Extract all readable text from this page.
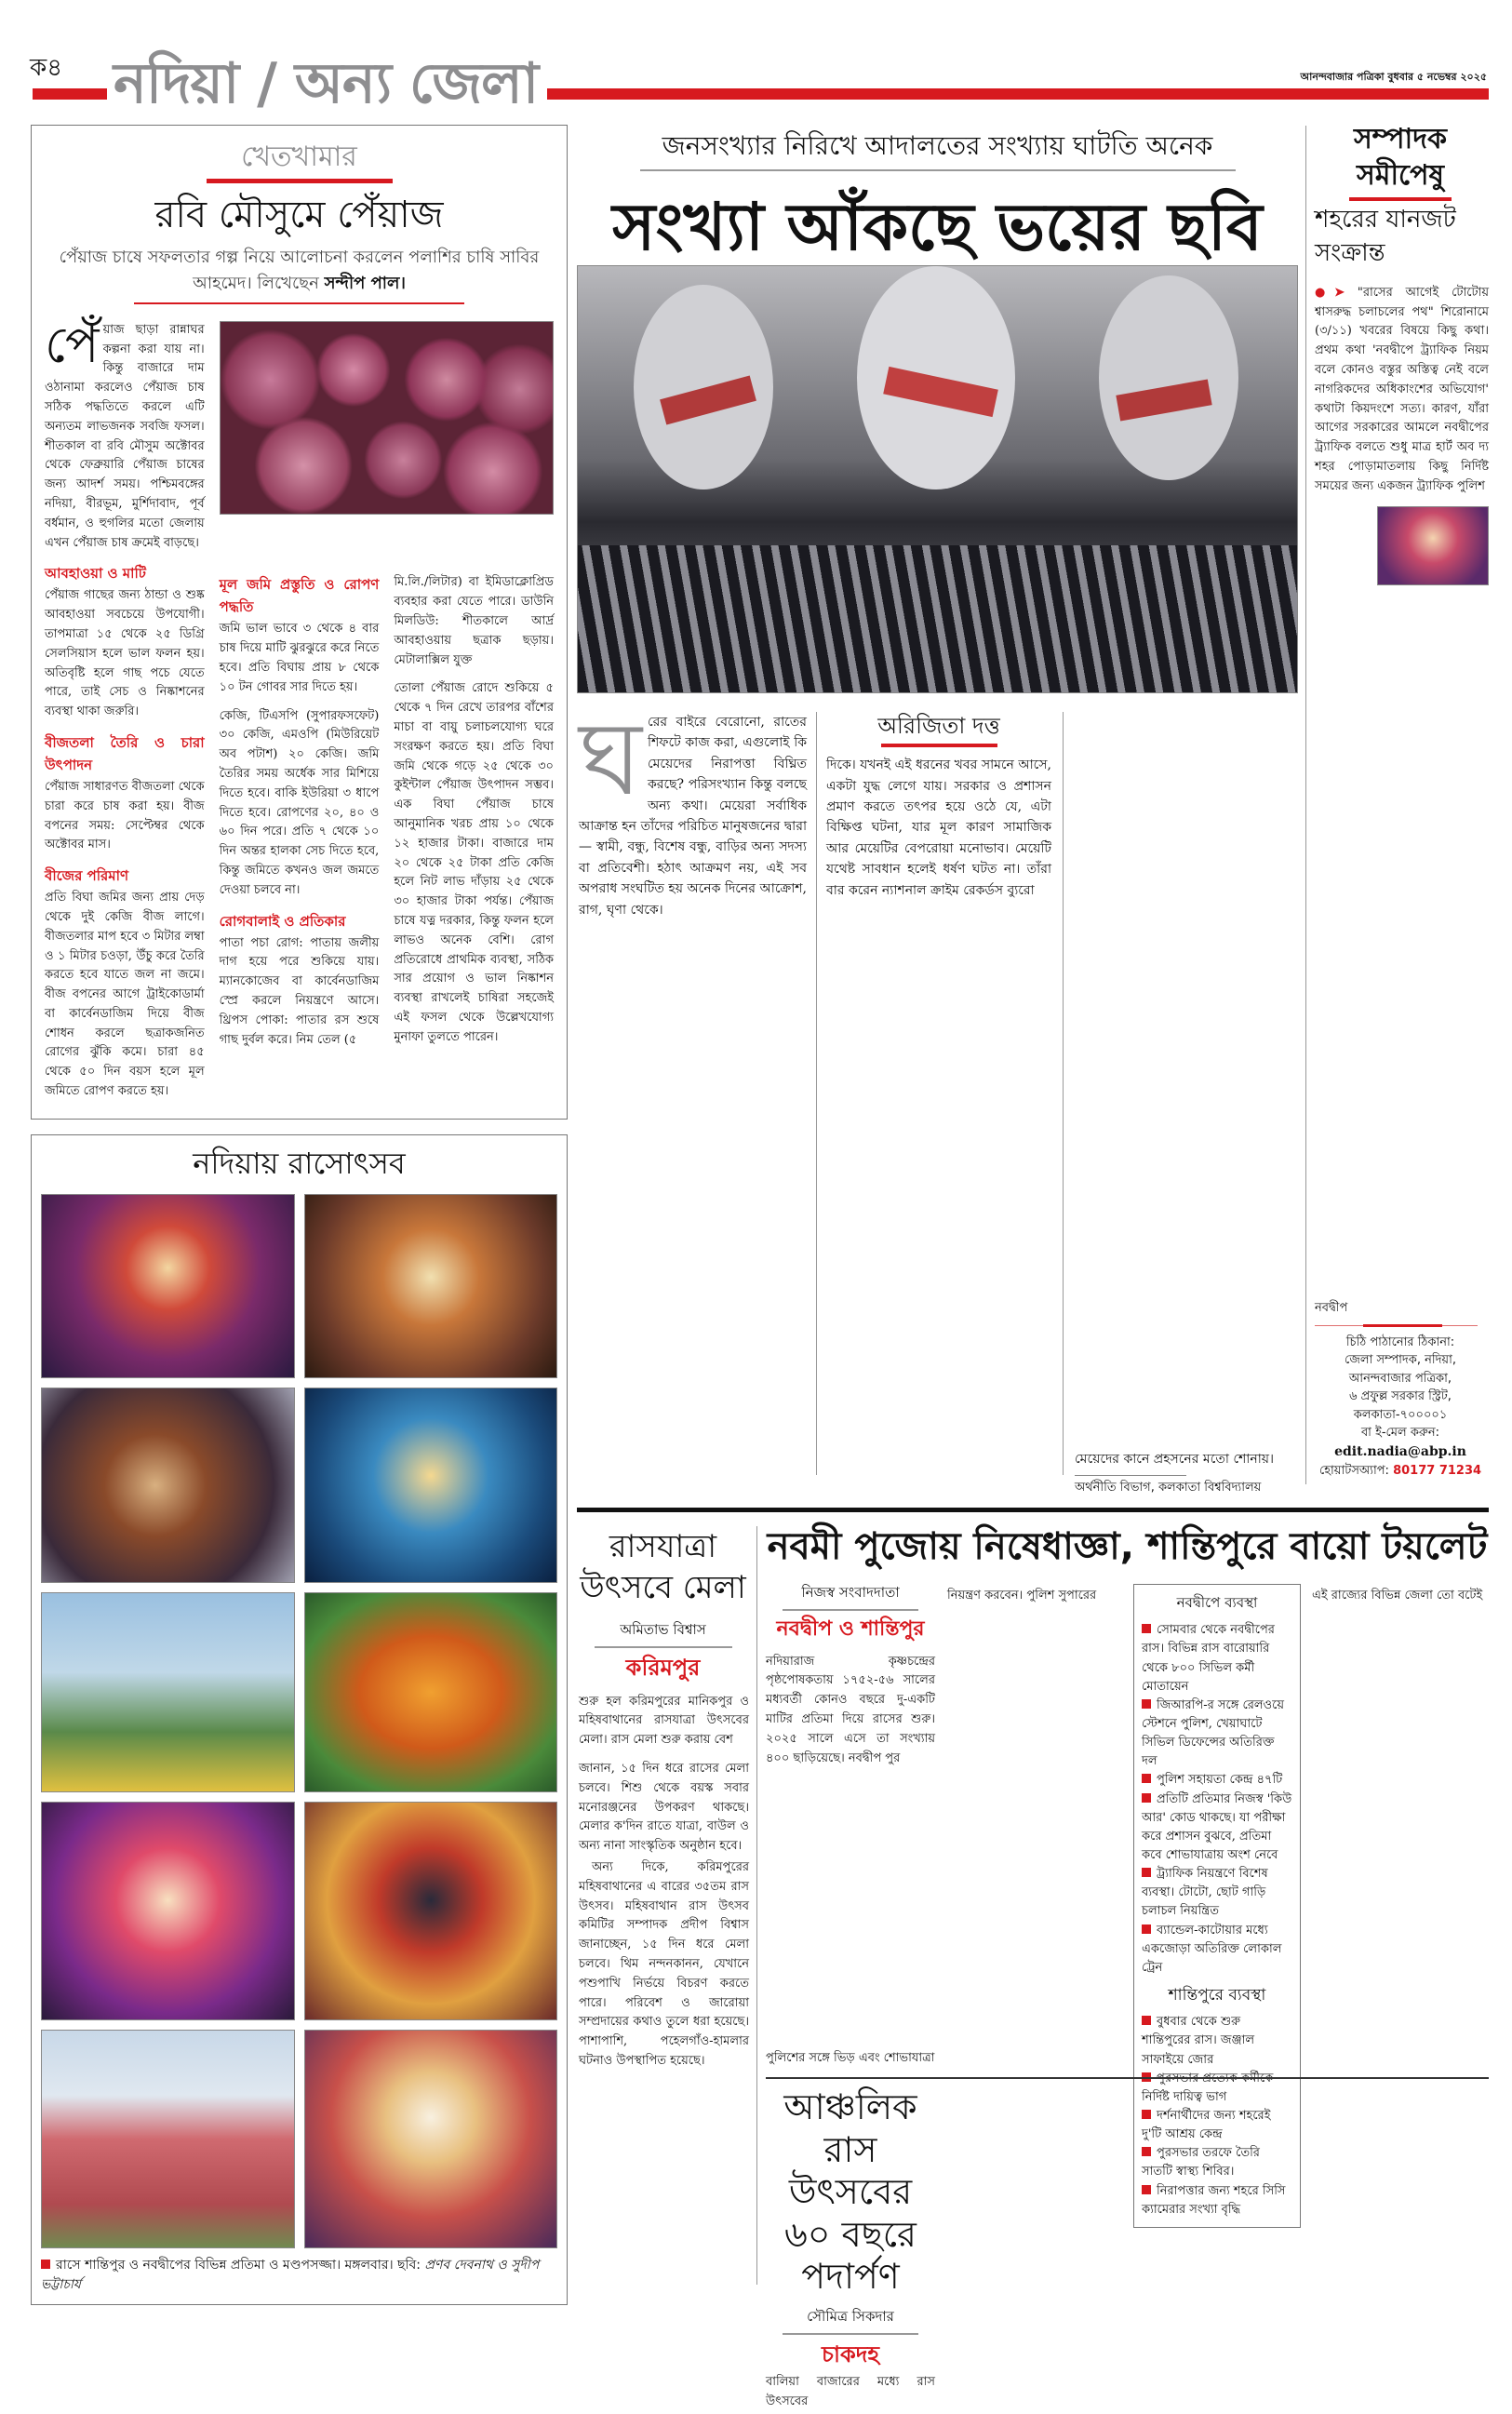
ক৪ নদিয়া / অন্য জেলা	আনন্দবাজার পত্রিকা বুধবার ৫ নভেম্বর ২০২৫
খেতখামার
রবি মৌসুমে পেঁয়াজ
পেঁয়াজ চাষে সফলতার গল্প নিয়ে আলোচনা করলেন পলাশির চাষি সাবির আহমেদ। লিখেছেন সন্দীপ পাল।

পেঁয়াজ ছাড়া রান্নাঘর কল্পনা করা যায় না। কিন্তু বাজারে দাম ওঠানামা করলেও পেঁয়াজ চাষ সঠিক পদ্ধতিতে করলে এটি অন্যতম লাভজনক সবজি ফসল। শীতকাল বা রবি মৌসুম অক্টোবর থেকে ফেব্রুয়ারি পেঁয়াজ চাষের জন্য আদর্শ সময়। পশ্চিমবঙ্গের নদিয়া, বীরভূম, মুর্শিদাবাদ, পূর্ব বর্ধমান, ও হুগলির মতো জেলায় এখন পেঁয়াজ চাষ ক্রমেই বাড়ছে।

আবহাওয়া ও মাটি

পেঁয়াজ গাছের জন্য ঠান্ডা ও শুষ্ক আবহাওয়া সবচেয়ে উপযোগী। তাপমাত্রা ১৫ থেকে ২৫ ডিগ্রি সেলসিয়াস হলে ভাল ফলন হয়। অতিবৃষ্টি হলে গাছ পচে যেতে পারে, তাই সেচ ও নিষ্কাশনের ব্যবস্থা থাকা জরুরি।

বীজতলা তৈরি ও চারা উৎপাদন

পেঁয়াজ সাধারণত বীজতলা থেকে চারা করে চাষ করা হয়। বীজ বপনের সময়: সেপ্টেম্বর থেকে অক্টোবর মাস।

বীজের পরিমাণ

প্রতি বিঘা জমির জন্য প্রায় দেড় থেকে দুই কেজি বীজ লাগে। বীজতলার মাপ হবে ৩ মিটার লম্বা ও ১ মিটার চওড়া, উঁচু করে তৈরি করতে হবে যাতে জল না জমে। বীজ বপনের আগে ট্রাইকোডার্মা বা কার্বেনডাজিম দিয়ে বীজ শোধন করলে ছত্রাকজনিত রোগের ঝুঁকি কমে। চারা ৪৫ থেকে ৫০ দিন বয়স হলে মূল জমিতে রোপণ করতে হয়।

মূল জমি প্রস্তুতি ও রোপণ পদ্ধতি

জমি ভাল ভাবে ৩ থেকে ৪ বার চাষ দিয়ে মাটি ঝুরঝুরে করে নিতে হবে। প্রতি বিঘায় প্রায় ৮ থেকে ১০ টন গোবর সার দিতে হয়।

কেজি, টিএসপি (সুপারফসফেট) ৩০ কেজি, এমওপি (মিউরিয়েট অব পটাশ) ২০ কেজি। জমি তৈরির সময় অর্ধেক সার মিশিয়ে দিতে হবে। বাকি ইউরিয়া ৩ ধাপে দিতে হবে। রোপণের ২০, ৪০ ও ৬০ দিন পরে। প্রতি ৭ থেকে ১০ দিন অন্তর হালকা সেচ দিতে হবে, কিন্তু জমিতে কখনও জল জমতে দেওয়া চলবে না।

রোগবালাই ও প্রতিকার

পাতা পচা রোগ: পাতায় জলীয় দাগ হয়ে পরে শুকিয়ে যায়। ম্যানকোজেব বা কার্বেনডাজিম স্প্রে করলে নিয়ন্ত্রণে আসে। থ্রিপস পোকা: পাতার রস শুষে গাছ দুর্বল করে। নিম তেল (৫

মি.লি./লিটার) বা ইমিডাক্লোপ্রিড ব্যবহার করা যেতে পারে। ডাউনি মিলডিউ: শীতকালে আর্দ্র আবহাওয়ায় ছত্রাক ছড়ায়। মেটালাক্সিল যুক্ত

তোলা পেঁয়াজ রোদে শুকিয়ে ৫ থেকে ৭ দিন রেখে তারপর বাঁশের মাচা বা বায়ু চলাচলযোগ্য ঘরে সংরক্ষণ করতে হয়। প্রতি বিঘা জমি থেকে গড়ে ২৫ থেকে ৩০ কুইন্টাল পেঁয়াজ উৎপাদন সম্ভব। এক বিঘা পেঁয়াজ চাষে আনুমানিক খরচ প্রায় ১০ থেকে ১২ হাজার টাকা। বাজারে দাম ২০ থেকে ২৫ টাকা প্রতি কেজি হলে নিট লাভ দাঁড়ায় ২৫ থেকে ৩০ হাজার টাকা পর্যন্ত। পেঁয়াজ চাষে যত্ন দরকার, কিন্তু ফলন হলে লাভও অনেক বেশি। রোগ প্রতিরোধে প্রাথমিক ব্যবস্থা, সঠিক সার প্রয়োগ ও ভাল নিষ্কাশন ব্যবস্থা রাখলেই চাষিরা সহজেই এই ফসল থেকে উল্লেখযোগ্য মুনাফা তুলতে পারেন।

নদিয়ায় রাসোৎসব
রাসে শান্তিপুর ও নবদ্বীপের বিভিন্ন প্রতিমা ও মণ্ডপসজ্জা। মঙ্গলবার। ছবি: প্রণব দেবনাথ ও সুদীপ ভট্টাচার্য
জনসংখ্যার নিরিখে আদালতের সংখ্যায় ঘাটতি অনেক
সংখ্যা আঁকছে ভয়ের ছবি

ঘরের বাইরে বেরোনো, রাতের শিফটে কাজ করা, এগুলোই কি মেয়েদের নিরাপত্তা বিঘ্নিত করছে? পরিসংখ্যান কিন্তু বলছে অন্য কথা। মেয়েরা সর্বাধিক আক্রান্ত হন তাঁদের পরিচিত মানুষজনের দ্বারা— স্বামী, বন্ধু, বিশেষ বন্ধু, বাড়ির অন্য সদস্য বা প্রতিবেশী। হঠাৎ আক্রমণ নয়, এই সব অপরাধ সংঘটিত হয় অনেক দিনের আক্রোশ, রাগ, ঘৃণা থেকে।

অরিজিতা দত্ত

দিকে। যখনই এই ধরনের খবর সামনে আসে, একটা যুদ্ধ লেগে যায়। সরকার ও প্রশাসন প্রমাণ করতে তৎপর হয়ে ওঠে যে, এটা বিক্ষিপ্ত ঘটনা, যার মূল কারণ সামাজিক আর মেয়েটির বেপরোয়া মনোভাব। মেয়েটি যথেষ্ট সাবধান হলেই ধর্ষণ ঘটত না। তাঁরা বার করেন ন্যাশনাল ক্রাইম রেকর্ডস ব্যুরো

মেয়েদের কানে প্রহসনের মতো শোনায়।

অর্থনীতি বিভাগ, কলকাতা বিশ্ববিদ্যালয়
সম্পাদক
সমীপেষু
শহরের যানজট সংক্রান্ত

●➤ "রাসের আগেই টোটোয় শ্বাসরুদ্ধ চলাচলের পথ" শিরোনামে (৩/১১) খবরের বিষয়ে কিছু কথা। প্রথম কথা 'নবদ্বীপে ট্র্যাফিক নিয়ম বলে কোনও বস্তুর অস্তিত্ব নেই বলে নাগরিকদের অধিকাংশের অভিযোগ' কথাটা কিয়দংশে সত্য। কারণ, যাঁরা আগের সরকারের আমলে নবদ্বীপের ট্র্যাফিক বলতে শুধু মাত্র হার্ট অব দ্য শহর পোড়ামাতলায় কিছু নির্দিষ্ট সময়ের জন্য একজন ট্র্যাফিক পুলিশ

নবদ্বীপ
চিঠি পাঠানোর ঠিকানা:
জেলা সম্পাদক, নদিয়া,
আনন্দবাজার পত্রিকা,
৬ প্রফুল্ল সরকার স্ট্রিট,
কলকাতা-৭০০০০১
বা ই-মেল করুন:
edit.nadia@abp.in
হোয়াটসঅ্যাপ: 80177 71234
রাসযাত্রা উৎসবে মেলা
অমিতাভ বিশ্বাস
করিমপুর

শুরু হল করিমপুরের মানিকপুর ও মহিষবাথানের রাসযাত্রা উৎসবের মেলা। রাস মেলা শুরু করায় বেশ

জানান, ১৫ দিন ধরে রাসের মেলা চলবে। শিশু থেকে বয়স্ক সবার মনোরঞ্জনের উপকরণ থাকছে। মেলার ক'দিন রাতে যাত্রা, বাউল ও অন্য নানা সাংস্কৃতিক অনুষ্ঠান হবে।

অন্য দিকে, করিমপুরের মহিষবাথানের এ বারের ৩৫তম রাস উৎসব। মহিষবাথান রাস উৎসব কমিটির সম্পাদক প্রদীপ বিশ্বাস জানাচ্ছেন, ১৫ দিন ধরে মেলা চলবে। থিম নন্দনকানন, যেখানে পশুপাখি নির্ভয়ে বিচরণ করতে পারে। পরিবেশ ও জারোয়া সম্প্রদায়ের কথাও তুলে ধরা হয়েছে। পাশাপাশি, পহেলগাঁও-হামলার ঘটনাও উপস্থাপিত হয়েছে।

নবমী পুজোয় নিষেধাজ্ঞা, শান্তিপুরে বায়ো টয়লেট
নিজস্ব সংবাদদাতা
নবদ্বীপ ও শান্তিপুর

নদিয়ারাজ কৃষ্ণচন্দ্রের পৃষ্ঠপোষকতায় ১৭৫২-৫৬ সালের মধ্যবর্তী কোনও বছরে দু-একটি মাটির প্রতিমা দিয়ে রাসের শুরু। ২০২৫ সালে এসে তা সংখ্যায় ৪০০ ছাড়িয়েছে। নবদ্বীপ পুর

পুলিশের সঙ্গে ভিড় এবং শোভাযাত্রা

নিয়ন্ত্রণ করবেন। পুলিশ সুপারের	নবদ্বীপে ব্যবস্থা
সোমবার থেকে নবদ্বীপের রাস। বিভিন্ন রাস বারোয়ারি থেকে ৮০০ সিভিল কর্মী মোতায়েন
জিআরপি-র সঙ্গে রেলওয়ে স্টেশনে পুলিশ, খেয়াঘাটে সিভিল ডিফেন্সের অতিরিক্ত দল
পুলিশ সহায়তা কেন্দ্র ৪৭টি
প্রতিটি প্রতিমার নিজস্ব 'কিউ আর' কোড থাকছে। যা পরীক্ষা করে প্রশাসন বুঝবে, প্রতিমা কবে শোভাযাত্রায় অংশ নেবে
ট্র্যাফিক নিয়ন্ত্রণে বিশেষ ব্যবস্থা। টোটো, ছোট গাড়ি চলাচল নিয়ন্ত্রিত
ব্যান্ডেল-কাটোয়ার মধ্যে একজোড়া অতিরিক্ত লোকাল ট্রেন
শান্তিপুরে ব্যবস্থা
বুধবার থেকে শুরু শান্তিপুরের রাস। জঞ্জাল সাফাইয়ে জোর
নির্দিষ্ট দায়িত্ব ভাগ
দর্শনার্থীদের জন্য শহরেই দু'টি আশ্রয় কেন্দ্র
পুরসভার তরফে তৈরি সাতটি স্বাস্থ্য শিবির।
নিরাপত্তার জন্য শহরে সিসি ক্যামেরার সংখ্যা বৃদ্ধি

এই রাজ্যের বিভিন্ন জেলা তো বটেই

আঞ্চলিক রাস উৎসবের ৬০ বছরে পদার্পণ
সৌমিত্র সিকদার
চাকদহ

বালিয়া বাজারের মধ্যে রাস উৎসবের
